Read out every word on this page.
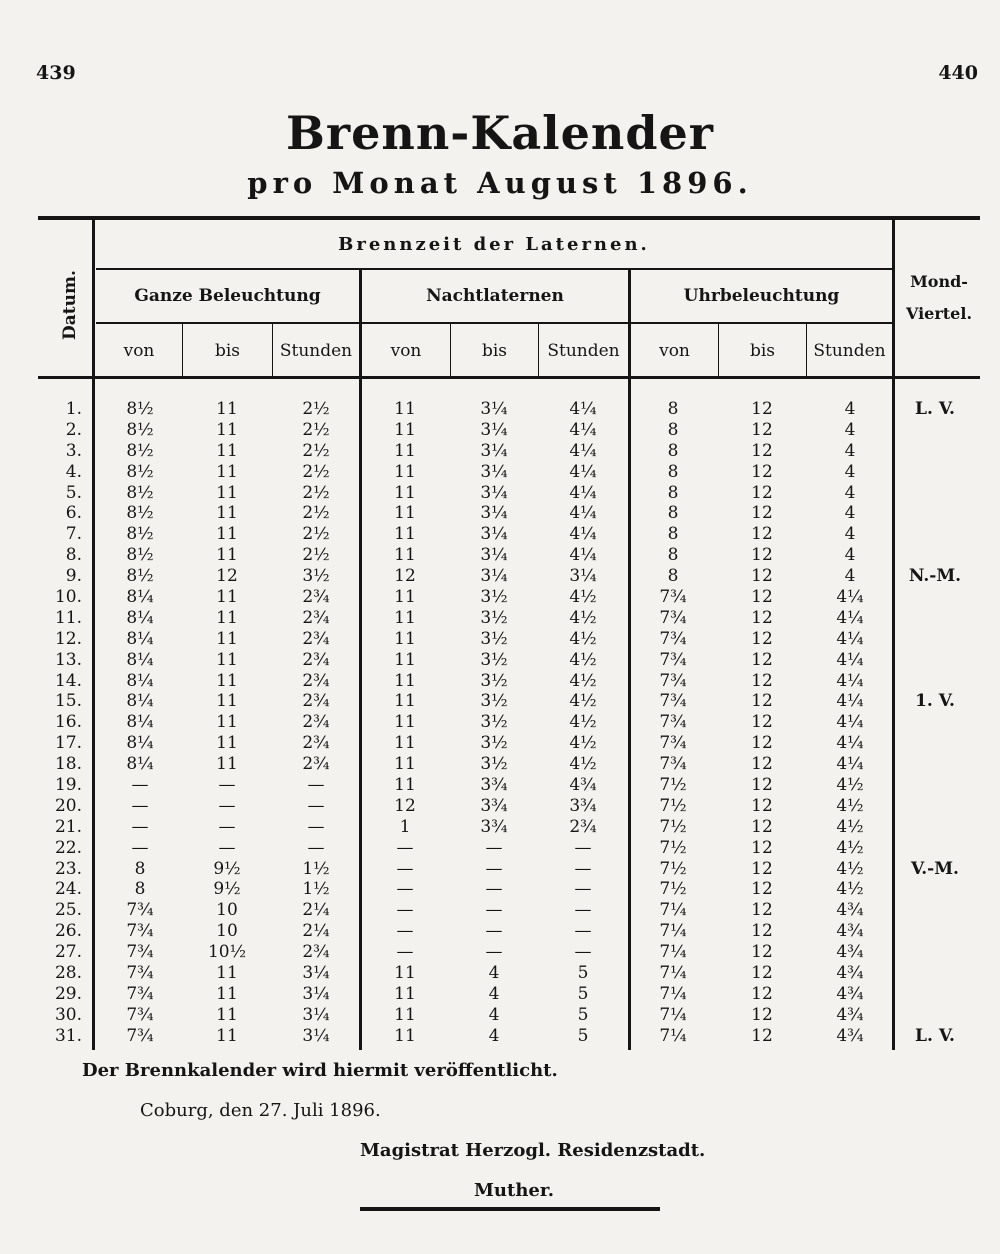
439	440
Brenn-Kalender
pro Monat August 1896.
Brennzeit der Laternen.
Datum.	Mond-
Viertel.
Ganze Beleuchtung	Nachtlaternen	Uhrbeleuchtung
von	bis	Stunden	von	bis	Stunden	von	bis	Stunden
1.	8½	11	2½	11	3¼	4¼	8	12	4	L. V.
2.	8½	11	2½	11	3¼	4¼	8	12	4
3.	8½	11	2½	11	3¼	4¼	8	12	4
4.	8½	11	2½	11	3¼	4¼	8	12	4
5.	8½	11	2½	11	3¼	4¼	8	12	4
6.	8½	11	2½	11	3¼	4¼	8	12	4
7.	8½	11	2½	11	3¼	4¼	8	12	4
8.	8½	11	2½	11	3¼	4¼	8	12	4
9.	8½	12	3½	12	3¼	3¼	8	12	4	N.-M.
10.	8¼	11	2¾	11	3½	4½	7¾	12	4¼
11.	8¼	11	2¾	11	3½	4½	7¾	12	4¼
12.	8¼	11	2¾	11	3½	4½	7¾	12	4¼
13.	8¼	11	2¾	11	3½	4½	7¾	12	4¼
14.	8¼	11	2¾	11	3½	4½	7¾	12	4¼
15.	8¼	11	2¾	11	3½	4½	7¾	12	4¼	1. V.
16.	8¼	11	2¾	11	3½	4½	7¾	12	4¼
17.	8¼	11	2¾	11	3½	4½	7¾	12	4¼
18.	8¼	11	2¾	11	3½	4½	7¾	12	4¼
19.	—	—	—	11	3¾	4¾	7½	12	4½
20.	—	—	—	12	3¾	3¾	7½	12	4½
21.	—	—	—	1	3¾	2¾	7½	12	4½
22.	—	—	—	—	—	—	7½	12	4½
23.	8	9½	1½	—	—	—	7½	12	4½	V.-M.
24.	8	9½	1½	—	—	—	7½	12	4½
25.	7¾	10	2¼	—	—	—	7¼	12	4¾
26.	7¾	10	2¼	—	—	—	7¼	12	4¾
27.	7¾	10½	2¾	—	—	—	7¼	12	4¾
28.	7¾	11	3¼	11	4	5	7¼	12	4¾
29.	7¾	11	3¼	11	4	5	7¼	12	4¾
30.	7¾	11	3¼	11	4	5	7¼	12	4¾
31.	7¾	11	3¼	11	4	5	7¼	12	4¾	L. V.
Der Brennkalender wird hiermit veröffentlicht.
Coburg, den 27. Juli 1896.
Magistrat Herzogl. Residenzstadt.
Muther.
